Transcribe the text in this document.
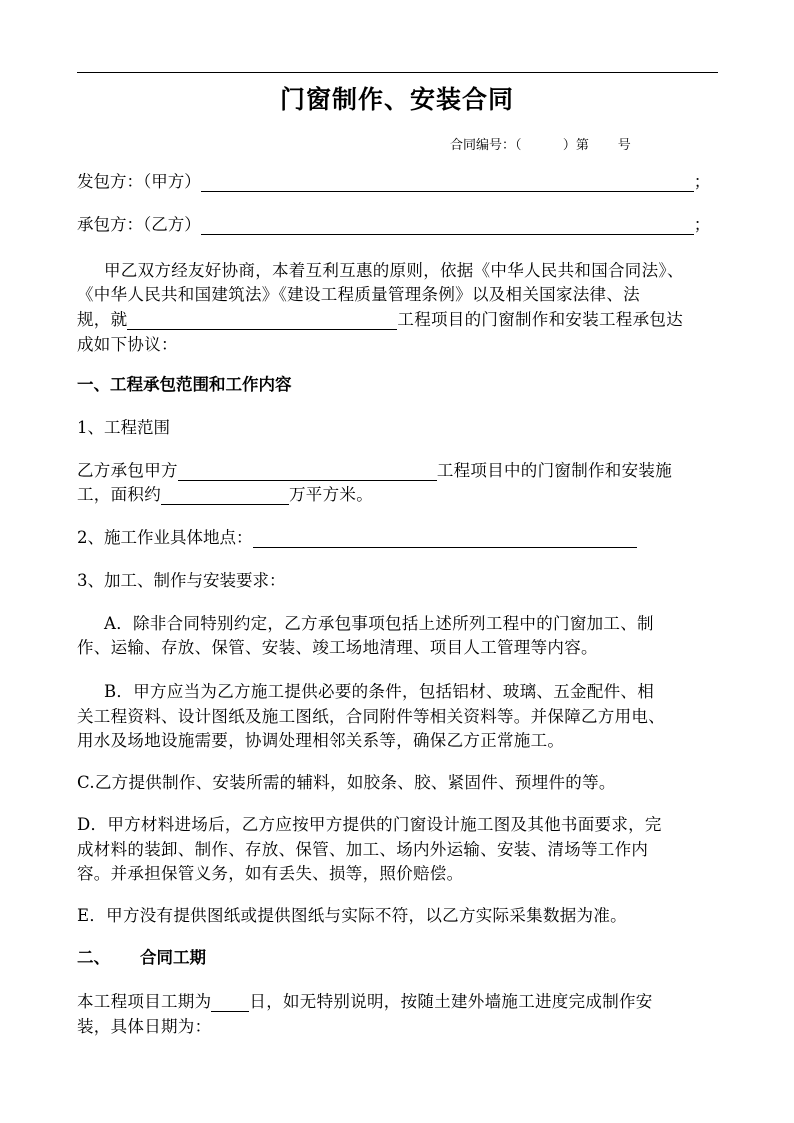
门窗制作、安装合同
合同编号：（          ）第       号
发包方：（甲方）	；
承包方：（乙方）	；
甲乙双方经友好协商，本着互利互惠的原则，依据《中华人民共和国合同法》、
《中华人民共和国建筑法》《建设工程质量管理条例》以及相关国家法律、法
规，就	工程项目的门窗制作和安装工程承包达
成如下协议：
一、工程承包范围和工作内容
1、工程范围
乙方承包甲方	工程项目中的门窗制作和安装施
工，面积约	万平方米。
2、施工作业具体地点：
3、加工、制作与安装要求：
A．除非合同特别约定，乙方承包事项包括上述所列工程中的门窗加工、制
作、运输、存放、保管、安装、竣工场地清理、项目人工管理等内容。
B．甲方应当为乙方施工提供必要的条件，包括铝材、玻璃、五金配件、相
关工程资料、设计图纸及施工图纸，合同附件等相关资料等。并保障乙方用电、
用水及场地设施需要，协调处理相邻关系等，确保乙方正常施工。
C.乙方提供制作、安装所需的辅料，如胶条、胶、紧固件、预埋件的等。
D．甲方材料进场后，乙方应按甲方提供的门窗设计施工图及其他书面要求，完
成材料的装卸、制作、存放、保管、加工、场内外运输、安装、清场等工作内
容。并承担保管义务，如有丢失、损等，照价赔偿。
E．甲方没有提供图纸或提供图纸与实际不符，以乙方实际采集数据为准。
二、 合同工期
本工程项目工期为 日，如无特别说明，按随土建外墙施工进度完成制作安
装，具体日期为：
